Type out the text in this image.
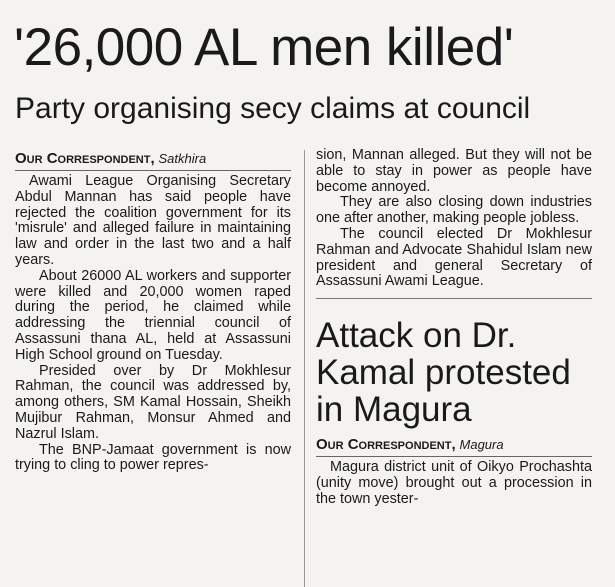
'26,000 AL men killed'
Party organising secy claims at council
Our Correspondent, Satkhira

Awami League Organising Secretary Abdul Mannan has said people have rejected the coalition government for its 'misrule' and alleged failure in maintaining law and order in the last two and a half years.

About 26000 AL workers and supporter were killed and 20,000 women raped during the period, he claimed while addressing the triennial council of Assassuni thana AL, held at Assassuni High School ground on Tuesday.

Presided over by Dr Mokhlesur Rahman, the council was addressed by, among others, SM Kamal Hossain, Sheikh Mujibur Rahman, Monsur Ahmed and Nazrul Islam.

The BNP-Jamaat government is now trying to cling to power repres-

sion, Mannan alleged. But they will not be able to stay in power as people have become annoyed.

They are also closing down industries one after another, making people jobless.

The council elected Dr Mokhlesur Rahman and Advocate Shahidul Islam new president and general Secretary of Assassuni Awami League.

Attack on Dr. Kamal protested in Magura
Our Correspondent, Magura

Magura district unit of Oikyo Prochashta (unity move) brought out a procession in the town yester-
